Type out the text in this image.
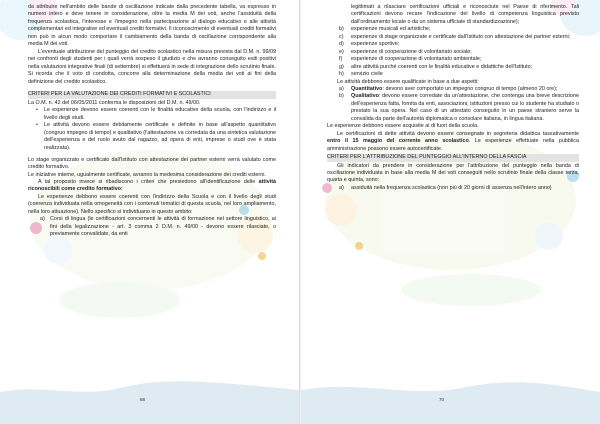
da attribuire nell'ambito delle bande di oscillazione indicate dalla precedente tabella, va espresso in numero intero e deve tenere in considerazione, oltre la media M dei voti, anche l'assiduità della frequenza scolastica, l'interesse e l'impegno nella partecipazione al dialogo educativo e alle attività complementari ed integrative ed eventuali crediti formativi. Il riconoscimento di eventuali crediti formativi non può in alcun modo comportare il cambiamento della banda di oscillazione corrispondente alla media M dei voti.

L'eventuale attribuzione del punteggio del credito scolastico nella misura prevista dal D.M. n. 99/09 nei confronti degli studenti per i quali verrà sospeso il giudizio e che avranno conseguito esiti positivi nella valutazioni integrative finali (di settembre) si effettuerà in sede di integrazione dello scrutinio finale. Si ricorda che il voto di condotta, concorre alla determinazione della media dei voti ai fini della definizione del credito scolastico.

CRITERI PER LA VALUTAZIONE DEI CREDITI FORMATIVI E SCOLASTICI

La O.M. n. 42 del 06/05/2011 conferma le disposizioni del D.M. n. 49/00.

• Le esperienze devono essere coerenti con le finalità educative della scuola, con l'indirizzo e il livello degli studi.
• Le attività devono essere debitamente certificate e definite in base all'aspetto quantitativo (congruo impegno di tempo) e qualitativo (l'attestazione va corredata da una sintetica valutazione dell'esperienza e del ruolo avuto dal ragazzo, ad opera di enti, imprese o studi ove è stata realizzata).

Lo stage organizzato e certificato dall'Istituto con attestazione dei partner esterni verrà valutato come credito formativo.

Le iniziative interne, ugualmente certificate, avranno la medesima considerazione dei crediti esterni.

A tal proposito invece si ribadiscono i criteri che presiedono all'identificazione delle attività riconoscibili come credito formativo:

Le esperienze debbono essere coerenti con l'indirizzo della Scuola e con il livello degli studi (coerenza individuata nella omogeneità con i contenuti tematici di questa scuola, nel loro ampliamento, nella loro attuazione). Nello specifico si individuano in questo ambito:

a) Corsi di lingua (le certificazioni concernenti le attività di formazione nel settore linguistico, ai fini della legalizzazione - art. 3 comma 2 D.M. n. 49/00 - devono essere rilasciate, o previamente convalidate, da enti
68

legittimati a rilasciare certificazioni ufficiali e riconosciute nel Paese di riferimento. Tali certificazioni devono recare l'indicazione del livello di competenza linguistica previsto dall'ordinamento locale o da un sistema ufficiale di standardizzazione);

b) esperienze musicali ed artistiche;
c) esperienze di stage organizzate e certificate dall'Istituto con attestazione dei partner esterni;
d) esperienze sportive;
e) esperienze di cooperazione di volontariato sociale;
f) esperienze di cooperazione di volontariato ambientale;
g) altre attività purché coerenti con le finalità educative e didattiche dell'Istituto;
h) servizio civile

Le attività debbono essere qualificate in base a due aspetti:

a) Quantitativo: devono aver comportato un impegno congruo di tempo (almeno 20 ore);
b) Qualitativo: devono essere corredate da un'attestazione, che contenga una breve descrizione dell'esperienza fatta, fornita da enti, associazioni, istituzioni presso cui lo studente ha studiato o prestato la sua opera. Nel caso di un attestato conseguito in un paese straniero serve la convalida da parte dell'autorità diplomatica o consolare italiana, in lingua italiana.

Le esperienze debbono essere acquisite al di fuori della scuola.

Le certificazioni di dette attività devono essere consegnate in segreteria didattica tassativamente entro il 15 maggio del corrente anno scolastico. Le esperienze effettuate nella pubblica amministrazione possono essere autocertificate.

CRITERI PER L'ATTRIBUZIONE DEL PUNTEGGIO ALL'INTERNO DELLA FASCIA

Gli indicatori da prendere in considerazione per l'attribuzione del punteggio nella banda di oscillazione individuata in base alla media M dei voti conseguiti nello scrutinio finale della classe terza, quarta e quinta, sono:

a) assiduità nella frequenza scolastica (non più di 20 giorni di assenza nell'intero anno)
70
